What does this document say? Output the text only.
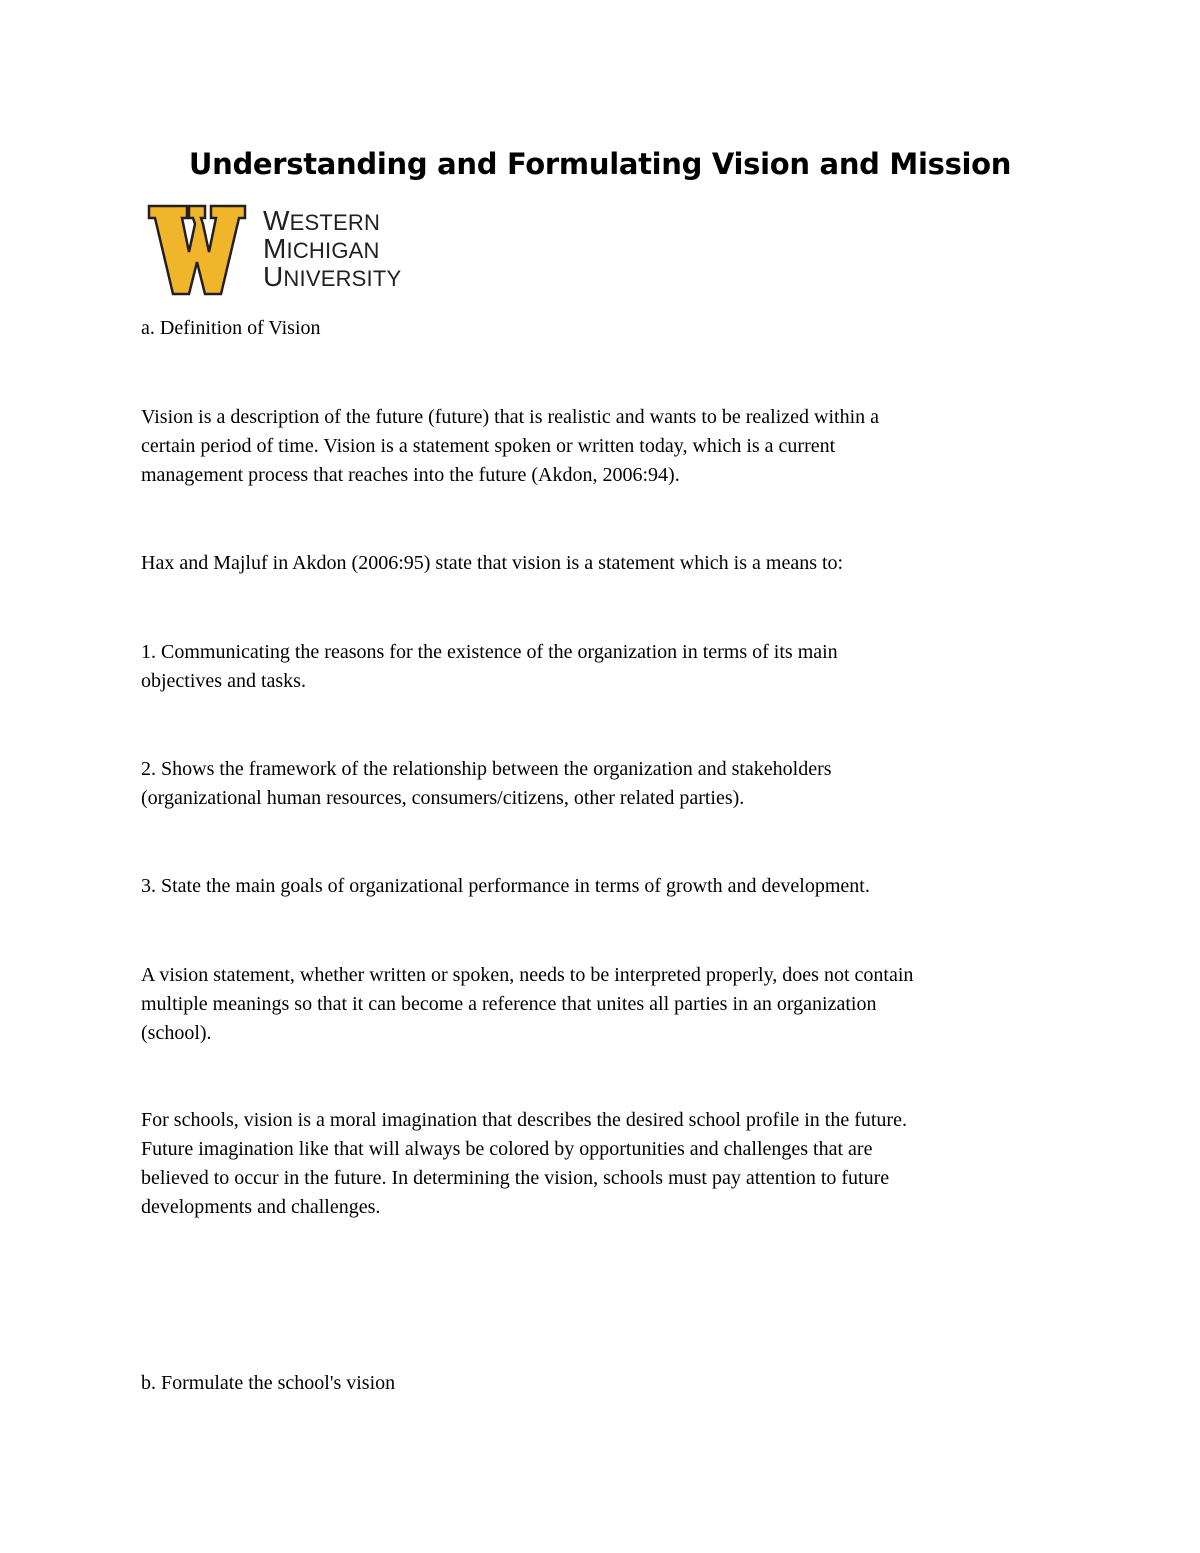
Understanding and Formulating Vision and Mission
WESTERN
MICHIGAN
UNIVERSITY

a. Definition of Vision

Vision is a description of the future (future) that is realistic and wants to be realized within a
certain period of time. Vision is a statement spoken or written today, which is a current
management process that reaches into the future (Akdon, 2006:94).

Hax and Majluf in Akdon (2006:95) state that vision is a statement which is a means to:

1. Communicating the reasons for the existence of the organization in terms of its main
objectives and tasks.

2. Shows the framework of the relationship between the organization and stakeholders
(organizational human resources, consumers/citizens, other related parties).

3. State the main goals of organizational performance in terms of growth and development.

A vision statement, whether written or spoken, needs to be interpreted properly, does not contain
multiple meanings so that it can become a reference that unites all parties in an organization
(school).

For schools, vision is a moral imagination that describes the desired school profile in the future.
Future imagination like that will always be colored by opportunities and challenges that are
believed to occur in the future. In determining the vision, schools must pay attention to future
developments and challenges.

b. Formulate the school's vision
